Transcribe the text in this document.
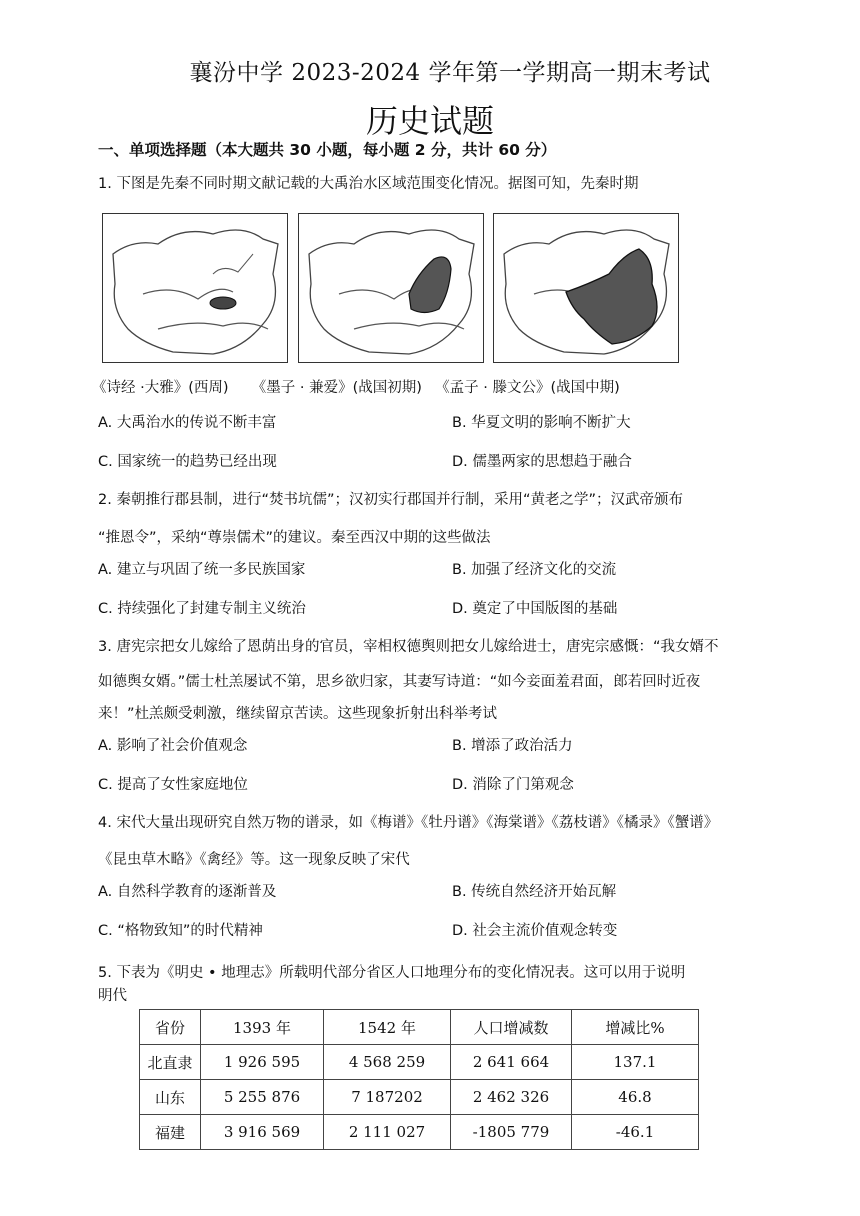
襄汾中学 2023-2024 学年第一学期高一期末考试
历史试题
一、单项选择题（本大题共 30 小题，每小题 2 分，共计 60 分）
1. 下图是先秦不同时期文献记载的大禹治水区域范围变化情况。据图可知，先秦时期
《诗经 ·大雅》(西周) 《墨子 · 兼爱》(战国初期) 《孟子 · 滕文公》(战国中期)
A. 大禹治水的传说不断丰富	B. 华夏文明的影响不断扩大
C. 国家统一的趋势已经出现	D. 儒墨两家的思想趋于融合
2. 秦朝推行郡县制，进行“焚书坑儒”；汉初实行郡国并行制，采用“黄老之学”；汉武帝颁布
“推恩令”，采纳“尊崇儒术”的建议。秦至西汉中期的这些做法
A. 建立与巩固了统一多民族国家	B. 加强了经济文化的交流
C. 持续强化了封建专制主义统治	D. 奠定了中国版图的基础
3. 唐宪宗把女儿嫁给了恩荫出身的官员，宰相权德舆则把女儿嫁给进士，唐宪宗感慨：“我女婿不
如德舆女婿。”儒士杜羔屡试不第，思乡欲归家，其妻写诗道：“如今妾面羞君面，郎若回时近夜
来！”杜羔颇受刺激，继续留京苦读。这些现象折射出科举考试
A. 影响了社会价值观念	B. 增添了政治活力
C. 提高了女性家庭地位	D. 消除了门第观念
4. 宋代大量出现研究自然万物的谱录，如《梅谱》《牡丹谱》《海棠谱》《荔枝谱》《橘录》《蟹谱》
《昆虫草木略》《禽经》等。这一现象反映了宋代
A. 自然科学教育的逐渐普及	B. 传统自然经济开始瓦解
C. “格物致知”的时代精神	D. 社会主流价值观念转变
5. 下表为《明史 • 地理志》所载明代部分省区人口地理分布的变化情况表。这可以用于说明
明代
省份	1393 年	1542 年	人口增减数	增减比%
北直隶	1 926 595	4 568 259	2 641 664	137.1
山东	5 255 876	7 187202	2 462 326	46.8
福建	3 916 569	2 111 027	-1805 779	-46.1
